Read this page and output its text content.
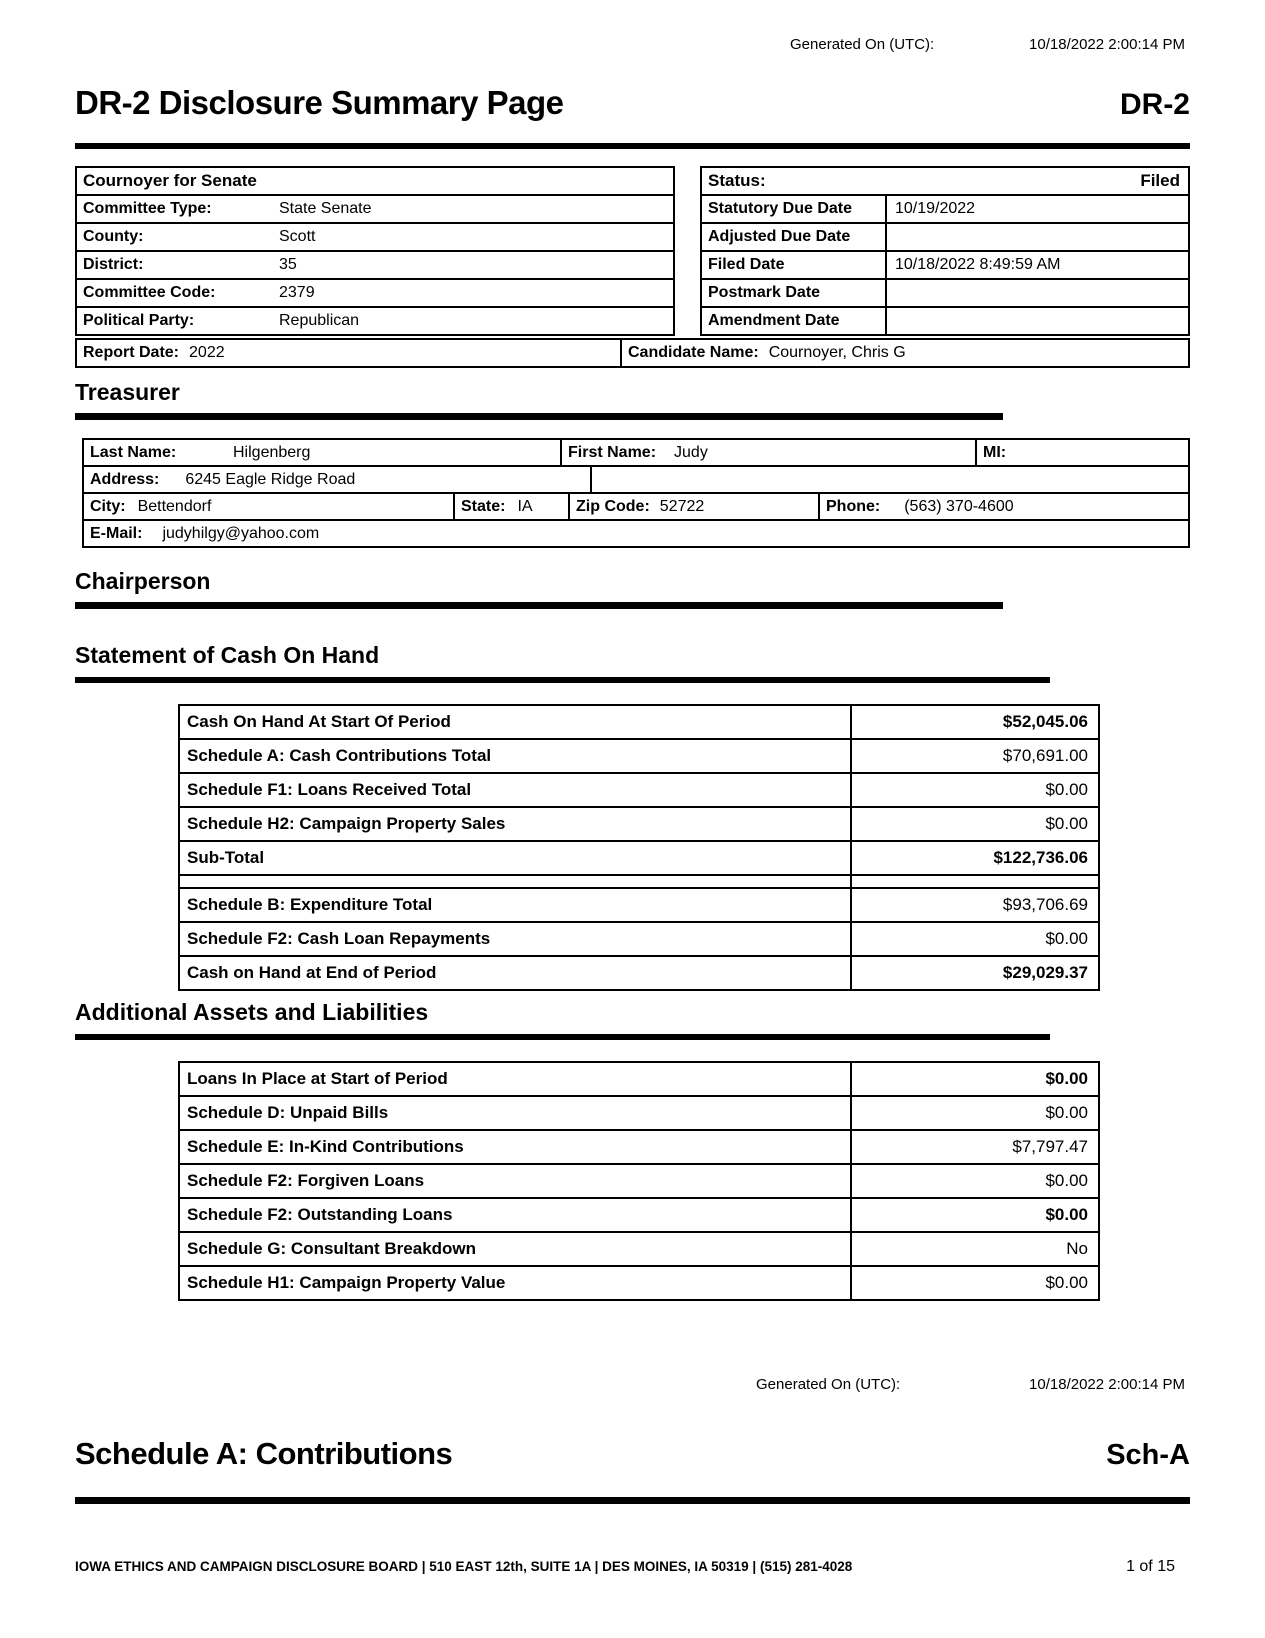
Generated On (UTC):	10/18/2022 2:00:14 PM
DR-2 Disclosure Summary Page	DR-2
Cournoyer for Senate
Committee Type:	State Senate
County:	Scott
District:	35
Committee Code:	2379
Political Party:	Republican
Status:	Filed
Statutory Due Date	10/19/2022
Adjusted Due Date
Filed Date	10/18/2022 8:49:59 AM
Postmark Date
Amendment Date
Report Date: 2022	Candidate Name: Cournoyer, Chris G
Treasurer
Last Name:	Hilgenberg	First Name: Judy	MI:
Address: 6245 Eagle Ridge Road
City: Bettendorf	State: IA	Zip Code: 52722	Phone: (563) 370-4600
E-Mail: judyhilgy@yahoo.com
Chairperson
Statement of Cash On Hand
Cash On Hand At Start Of Period	$52,045.06
Schedule A: Cash Contributions Total	$70,691.00
Schedule F1: Loans Received Total	$0.00
Schedule H2: Campaign Property Sales	$0.00
Sub-Total	$122,736.06
Schedule B: Expenditure Total	$93,706.69
Schedule F2: Cash Loan Repayments	$0.00
Cash on Hand at End of Period	$29,029.37
Additional Assets and Liabilities
Loans In Place at Start of Period	$0.00
Schedule D: Unpaid Bills	$0.00
Schedule E: In-Kind Contributions	$7,797.47
Schedule F2: Forgiven Loans	$0.00
Schedule F2: Outstanding Loans	$0.00
Schedule G: Consultant Breakdown	No
Schedule H1: Campaign Property Value	$0.00
Generated On (UTC):	10/18/2022 2:00:14 PM
Schedule A: Contributions	Sch-A
IOWA ETHICS AND CAMPAIGN DISCLOSURE BOARD | 510 EAST 12th, SUITE 1A | DES MOINES, IA 50319 | (515) 281-4028	1 of 15
